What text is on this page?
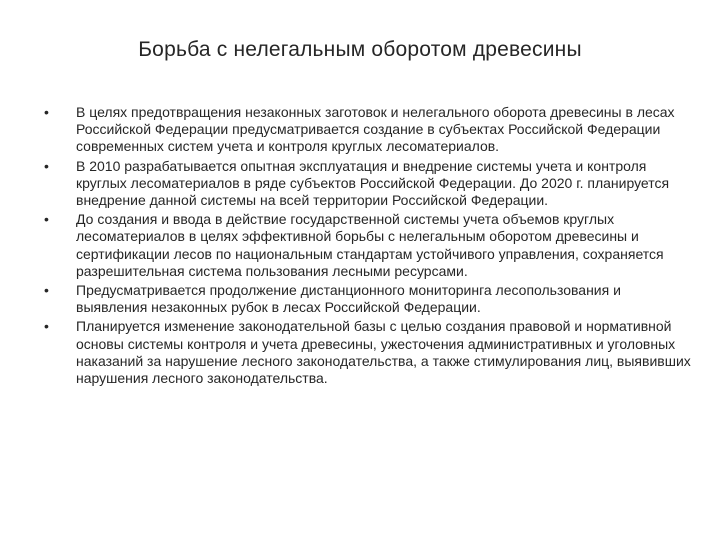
Борьба с нелегальным оборотом древесины
•	В целях предотвращения незаконных заготовок и нелегального оборота древесины в лесах Российской Федерации предусматривается создание в субъектах Российской Федерации современных систем учета и контроля круглых лесоматериалов.
•	В 2010 разрабатывается опытная эксплуатация и внедрение системы учета и контроля круглых лесоматериалов в ряде субъектов Российской Федерации. До 2020 г. планируется внедрение данной системы на всей территории Российской Федерации.
•	До создания и ввода в действие государственной системы учета объемов круглых лесоматериалов в целях эффективной борьбы с нелегальным оборотом древесины и сертификации лесов по национальным стандартам устойчивого управления, сохраняется разрешительная система пользования лесными ресурсами.
•	Предусматривается продолжение дистанционного мониторинга лесопользования и выявления незаконных рубок в лесах Российской Федерации.
•	Планируется изменение законодательной базы с целью создания правовой и нормативной основы системы контроля и учета древесины, ужесточения административных и уголовных наказаний за нарушение лесного законодательства, а также стимулирования лиц, выявивших нарушения лесного законодательства.
